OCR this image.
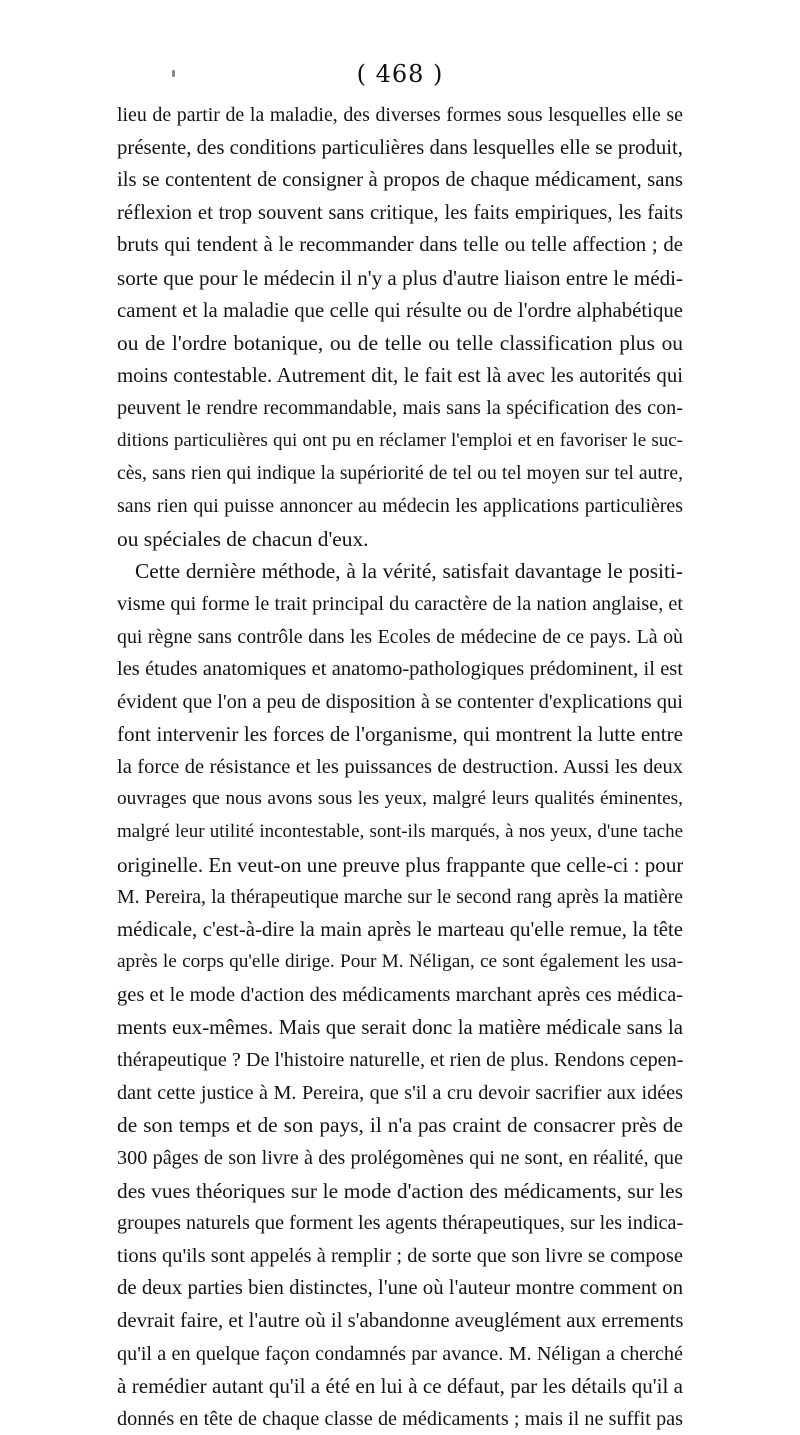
( 468 )
lieu de partir de la maladie, des diverses formes sous lesquelles elle se
présente, des conditions particulières dans lesquelles elle se produit,
ils se contentent de consigner à propos de chaque médicament, sans
réflexion et trop souvent sans critique, les faits empiriques, les faits
bruts qui tendent à le recommander dans telle ou telle affection ; de
sorte que pour le médecin il n'y a plus d'autre liaison entre le médi-
cament et la maladie que celle qui résulte ou de l'ordre alphabétique
ou de l'ordre botanique, ou de telle ou telle classification plus ou
moins contestable. Autrement dit, le fait est là avec les autorités qui
peuvent le rendre recommandable, mais sans la spécification des con-
ditions particulières qui ont pu en réclamer l'emploi et en favoriser le suc-
cès, sans rien qui indique la supériorité de tel ou tel moyen sur tel autre,
sans rien qui puisse annoncer au médecin les applications particulières
ou spéciales de chacun d'eux.
Cette dernière méthode, à la vérité, satisfait davantage le positi-
visme qui forme le trait principal du caractère de la nation anglaise, et
qui règne sans contrôle dans les Ecoles de médecine de ce pays. Là où
les études anatomiques et anatomo-pathologiques prédominent, il est
évident que l'on a peu de disposition à se contenter d'explications qui
font intervenir les forces de l'organisme, qui montrent la lutte entre
la force de résistance et les puissances de destruction. Aussi les deux
ouvrages que nous avons sous les yeux, malgré leurs qualités éminentes,
malgré leur utilité incontestable, sont-ils marqués, à nos yeux, d'une tache
originelle. En veut-on une preuve plus frappante que celle-ci : pour
M. Pereira, la thérapeutique marche sur le second rang après la matière
médicale, c'est-à-dire la main après le marteau qu'elle remue, la tête
après le corps qu'elle dirige. Pour M. Néligan, ce sont également les usa-
ges et le mode d'action des médicaments marchant après ces médica-
ments eux-mêmes. Mais que serait donc la matière médicale sans la
thérapeutique ? De l'histoire naturelle, et rien de plus. Rendons cepen-
dant cette justice à M. Pereira, que s'il a cru devoir sacrifier aux idées
de son temps et de son pays, il n'a pas craint de consacrer près de
300 pâges de son livre à des prolégomènes qui ne sont, en réalité, que
des vues théoriques sur le mode d'action des médicaments, sur les
groupes naturels que forment les agents thérapeutiques, sur les indica-
tions qu'ils sont appelés à remplir ; de sorte que son livre se compose
de deux parties bien distinctes, l'une où l'auteur montre comment on
devrait faire, et l'autre où il s'abandonne aveuglément aux errements
qu'il a en quelque façon condamnés par avance. M. Néligan a cherché
à remédier autant qu'il a été en lui à ce défaut, par les détails qu'il a
donnés en tête de chaque classe de médicaments ; mais il ne suffit pas
